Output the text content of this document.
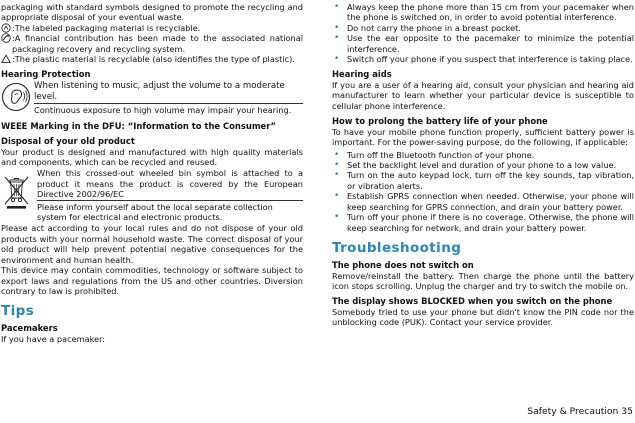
packaging with standard symbols designed to promote the recycling and appropriate disposal of your eventual waste.

:The labeled packaging material is recyclable.

:A financial contribution has been made to the associated national packaging recovery and recycling system.

:The plastic material is recyclable (also identifies the type of plastic).

Hearing Protection

When listening to music, adjust the volume to a moderate level.

Continuous exposure to high volume may impair your hearing.

WEEE Marking in the DFU: “Information to the Consumer”

Disposal of your old product

Your product is designed and manufactured with high quality materials and components, which can be recycled and reused.

When this crossed-out wheeled bin symbol is attached to a product it means the product is covered by the European Directive 2002/96/EC

Please inform yourself about the local separate collection system for electrical and electronic products.

Please act according to your local rules and do not dispose of your old products with your normal household waste. The correct disposal of your old product will help prevent potential negative consequences for the environment and human health.

This device may contain commodities, technology or software subject to export laws and regulations from the US and other countries. Diversion contrary to law is prohibited.

Tips

Pacemakers

If you have a pacemaker:

• Always keep the phone more than 15 cm from your pacemaker when the phone is switched on, in order to avoid potential interference.
• Do not carry the phone in a breast pocket.
• Use the ear opposite to the pacemaker to minimize the potential interference.
• Switch off your phone if you suspect that interference is taking place.

Hearing aids

If you are a user of a hearing aid, consult your physician and hearing aid manufacturer to learn whether your particular device is susceptible to cellular phone interference.

How to prolong the battery life of your phone

To have your mobile phone function properly, sufficient battery power is important. For the power-saving purpose, do the following, if applicable:

• Turn off the Bluetooth function of your phone.
• Set the backlight level and duration of your phone to a low value.
• Turn on the auto keypad lock, turn off the key sounds, tap vibration, or vibration alerts.
• Establish GPRS connection when needed. Otherwise, your phone will keep searching for GPRS connection, and drain your battery power.
• Turn off your phone if there is no coverage. Otherwise, the phone will keep searching for network, and drain your battery power.

Troubleshooting

The phone does not switch on

Remove/reinstall the battery. Then charge the phone until the battery icon stops scrolling. Unplug the charger and try to switch the mobile on.

The display shows BLOCKED when you switch on the phone

Somebody tried to use your phone but didn't know the PIN code nor the unblocking code (PUK). Contact your service provider.

Safety & Precaution 35
